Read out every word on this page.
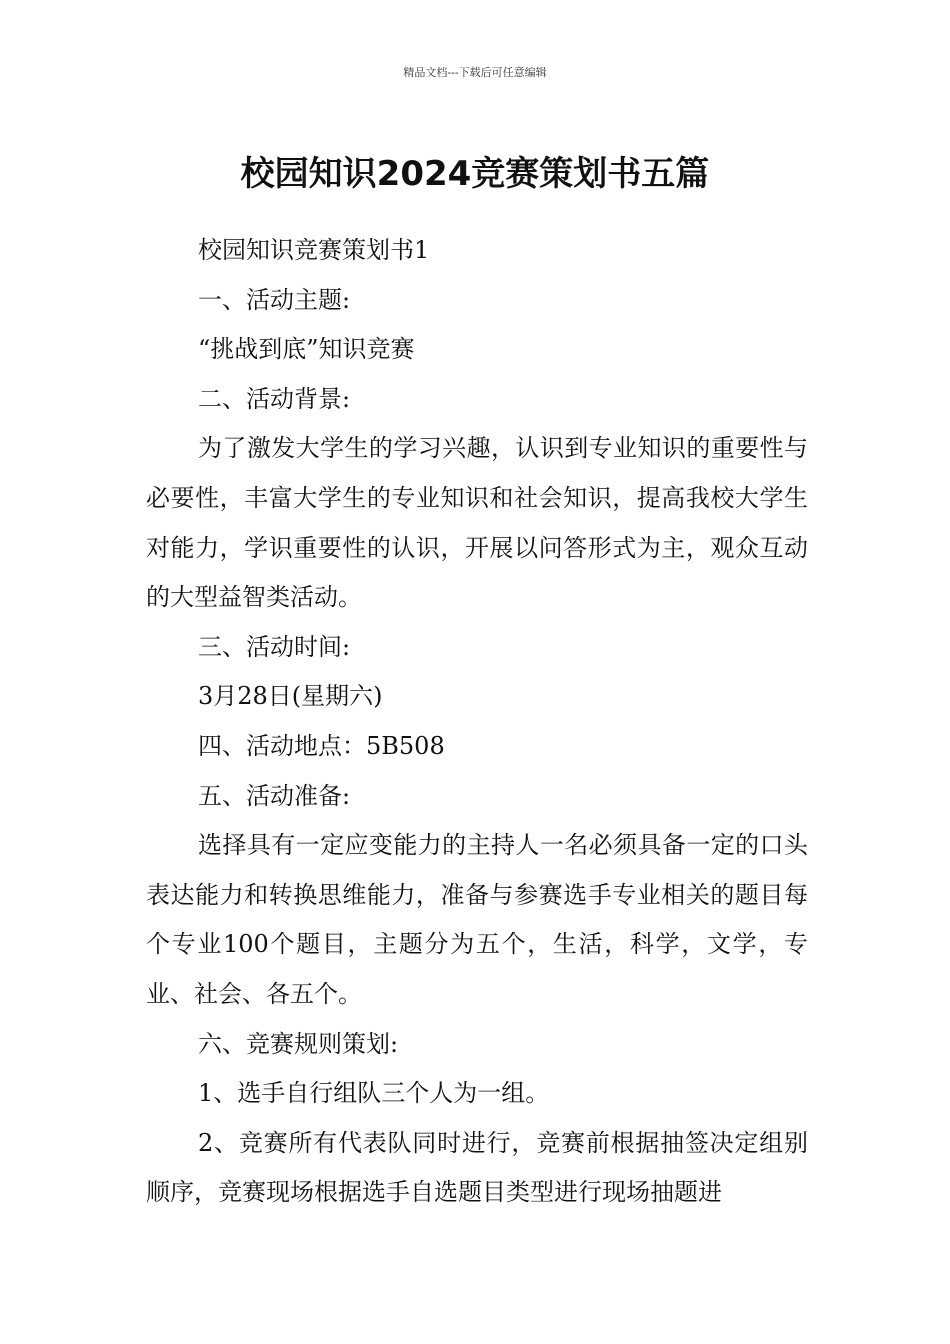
精品文档---下载后可任意编辑
校园知识2024竞赛策划书五篇

校园知识竞赛策划书1

一、活动主题:

“挑战到底”知识竞赛

二、活动背景:

为了激发大学生的学习兴趣，认识到专业知识的重要性与必要性，丰富大学生的专业知识和社会知识，提高我校大学生对能力，学识重要性的认识，开展以问答形式为主，观众互动的大型益智类活动。

三、活动时间:

3月28日(星期六)

四、活动地点：5B508

五、活动准备:

选择具有一定应变能力的主持人一名必须具备一定的口头表达能力和转换思维能力，准备与参赛选手专业相关的题目每个专业100个题目，主题分为五个，生活，科学，文学，专业、社会、各五个。

六、竞赛规则策划:

1、选手自行组队三个人为一组。

2、竞赛所有代表队同时进行，竞赛前根据抽签决定组别顺序，竞赛现场根据选手自选题目类型进行现场抽题进
